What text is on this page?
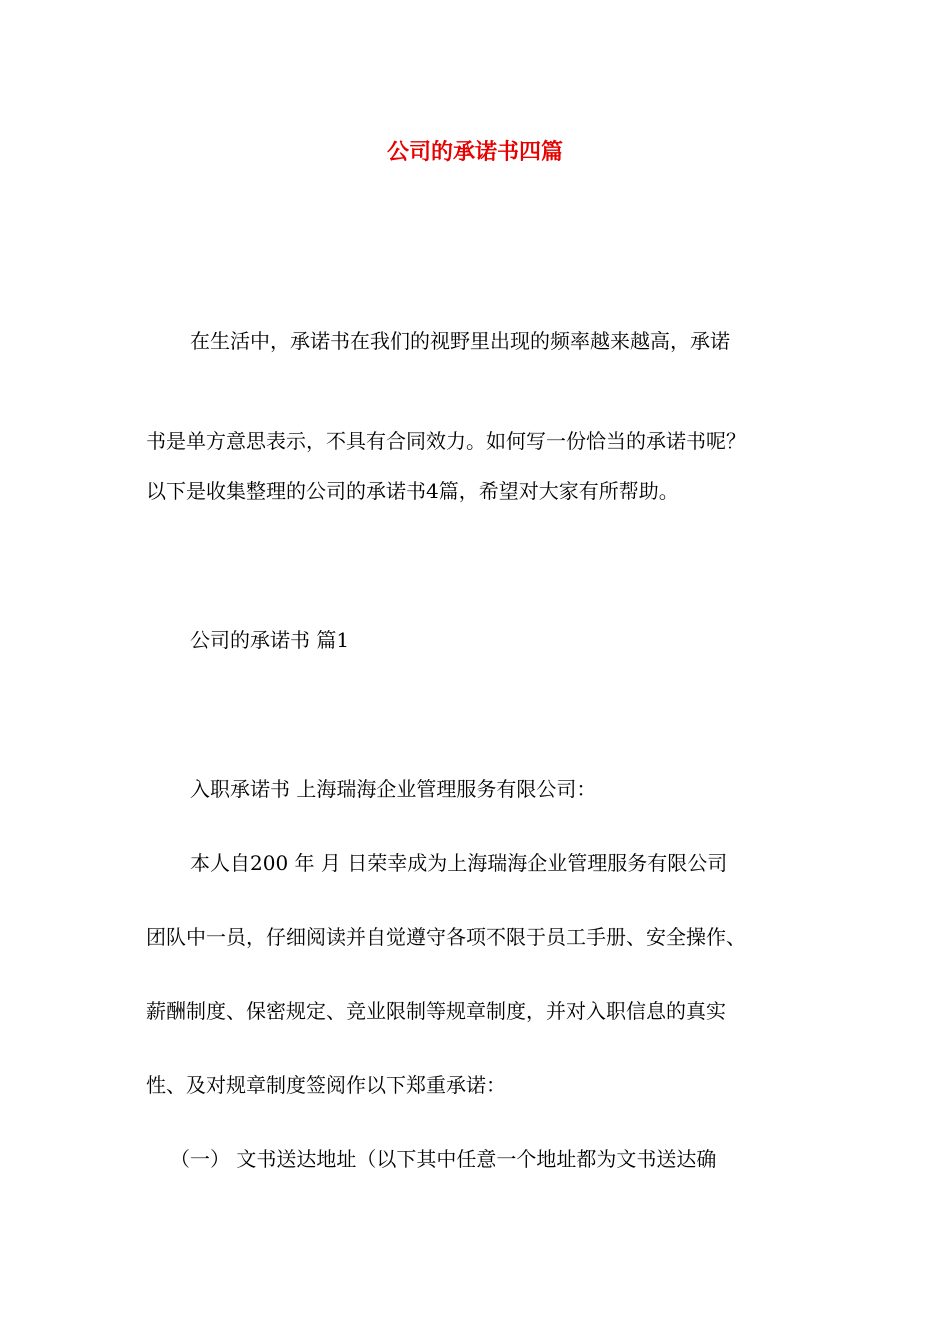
公司的承诺书四篇
在生活中，承诺书在我们的视野里出现的频率越来越高，承诺
书是单方意思表示，不具有合同效力。如何写一份恰当的承诺书呢？
以下是收集整理的公司的承诺书4篇，希望对大家有所帮助。
公司的承诺书 篇1
入职承诺书 上海瑞海企业管理服务有限公司：
本人自200 年 月 日荣幸成为上海瑞海企业管理服务有限公司
团队中一员，仔细阅读并自觉遵守各项不限于员工手册、安全操作、
薪酬制度、保密规定、竞业限制等规章制度，并对入职信息的真实
性、及对规章制度签阅作以下郑重承诺：
（一） 文书送达地址（以下其中任意一个地址都为文书送达确
